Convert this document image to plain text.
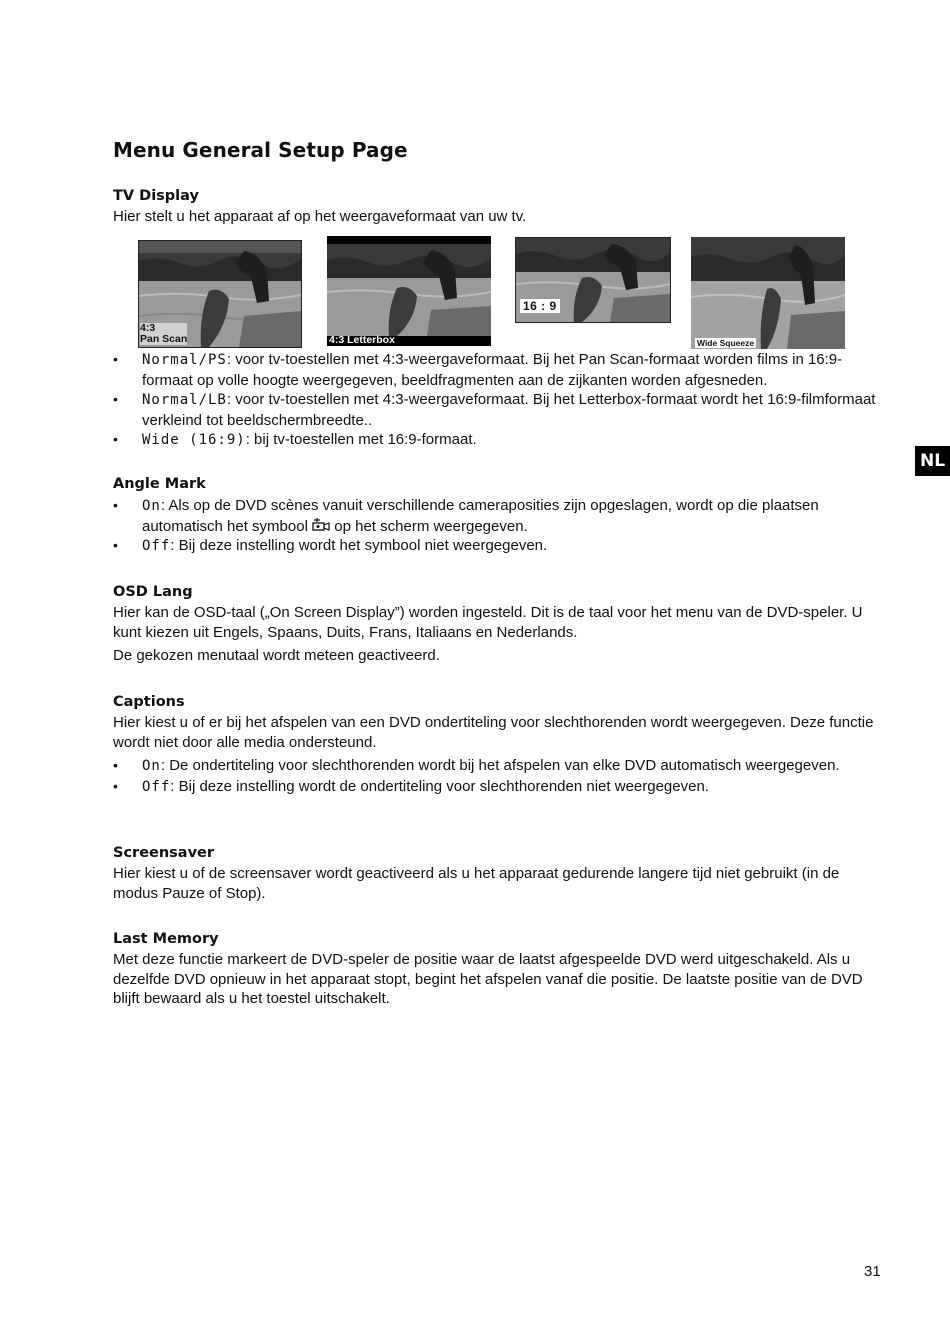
Menu General Setup Page
TV Display

Hier stelt u het apparaat af op het weergaveformaat van uw tv.

4:3
Pan Scan	4:3 Letterbox
16 : 9
Wide Squeeze
• Normal/PS: voor tv-toestellen met 4:3-weergaveformaat. Bij het Pan Scan-formaat worden films in 16:9-formaat op volle hoogte weergegeven, beeldfragmenten aan de zijkanten worden afgesneden.
• Normal/LB: voor tv-toestellen met 4:3-weergaveformaat. Bij het Letterbox-formaat wordt het 16:9-filmformaat verkleind tot beeldschermbreedte..
• Wide (16:9): bij tv-toestellen met 16:9-formaat.
Angle Mark
• On: Als op de DVD scènes vanuit verschillende cameraposities zijn opgeslagen, wordt op die plaatsen automatisch het symbool  op het scherm weergegeven.
• Off: Bij deze instelling wordt het symbool niet weergegeven.
OSD Lang

Hier kan de OSD-taal („On Screen Display”) worden ingesteld. Dit is de taal voor het menu van de DVD-speler. U kunt kiezen uit Engels, Spaans, Duits, Frans, Italiaans en Nederlands.

De gekozen menutaal wordt meteen geactiveerd.

Captions

Hier kiest u of er bij het afspelen van een DVD ondertiteling voor slechthorenden wordt weergegeven. Deze functie wordt niet door alle media ondersteund.

• On: De ondertiteling voor slechthorenden wordt bij het afspelen van elke DVD automatisch weergegeven.
• Off: Bij deze instelling wordt de ondertiteling voor slechthorenden niet weergegeven.
Screensaver

Hier kiest u of de screensaver wordt geactiveerd als u het apparaat gedurende langere tijd niet gebruikt (in de modus Pauze of Stop).

Last Memory

Met deze functie markeert de DVD-speler de positie waar de laatst afgespeelde DVD werd uitgeschakeld. Als u dezelfde DVD opnieuw in het apparaat stopt, begint het afspelen vanaf die positie. De laatste positie van de DVD blijft bewaard als u het toestel uitschakelt.

NL
31
